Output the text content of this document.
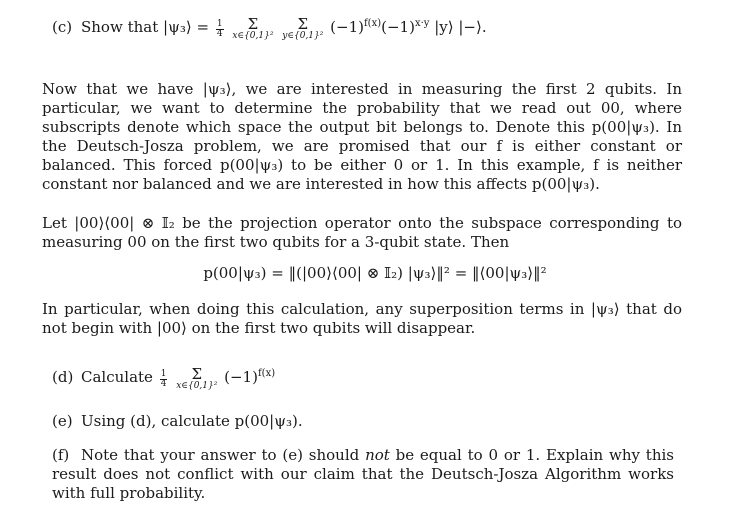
(c) Show that |ψ₃⟩ = $\frac{1}{4}$
	Σ
x∈{0,1}²

Σ
y∈{0,1}² $(-1)^{f(x)}(-1)^{x\cdot y}$ |y⟩ |−⟩.
Now that we have |ψ₃⟩, we are interested in measuring the first 2 qubits. In particular, we want to determine the probability that we read out 00, where subscripts denote which space the output bit belongs to. Denote this p(00|ψ₃). In the Deutsch-Josza problem, we are promised that our f is either constant or balanced. This forced p(00|ψ₃) to be either 0 or 1. In this example, f is neither constant nor balanced and we are interested in how this affects p(00|ψ₃).
Let |00⟩⟨00| ⊗ 𝕀₂ be the projection operator onto the subspace corresponding to measuring 00 on the first two qubits for a 3-qubit state. Then
p(00|ψ₃) = ‖(|00⟩⟨00| ⊗ 𝕀₂) |ψ₃⟩‖² = ‖⟨00|ψ₃⟩‖²
In particular, when doing this calculation, any superposition terms in |ψ₃⟩ that do not begin with |00⟩ on the first two qubits will disappear.
(d) Calculate $\frac{1}{4}$
	Σ
x∈{0,1}² $(-1)^{f(x)}$
(e) Using (d), calculate p(00|ψ₃).
(f) Note that your answer to (e) should not be equal to 0 or 1. Explain why this result does not conflict with our claim that the Deutsch-Josza Algorithm works with full probability.
